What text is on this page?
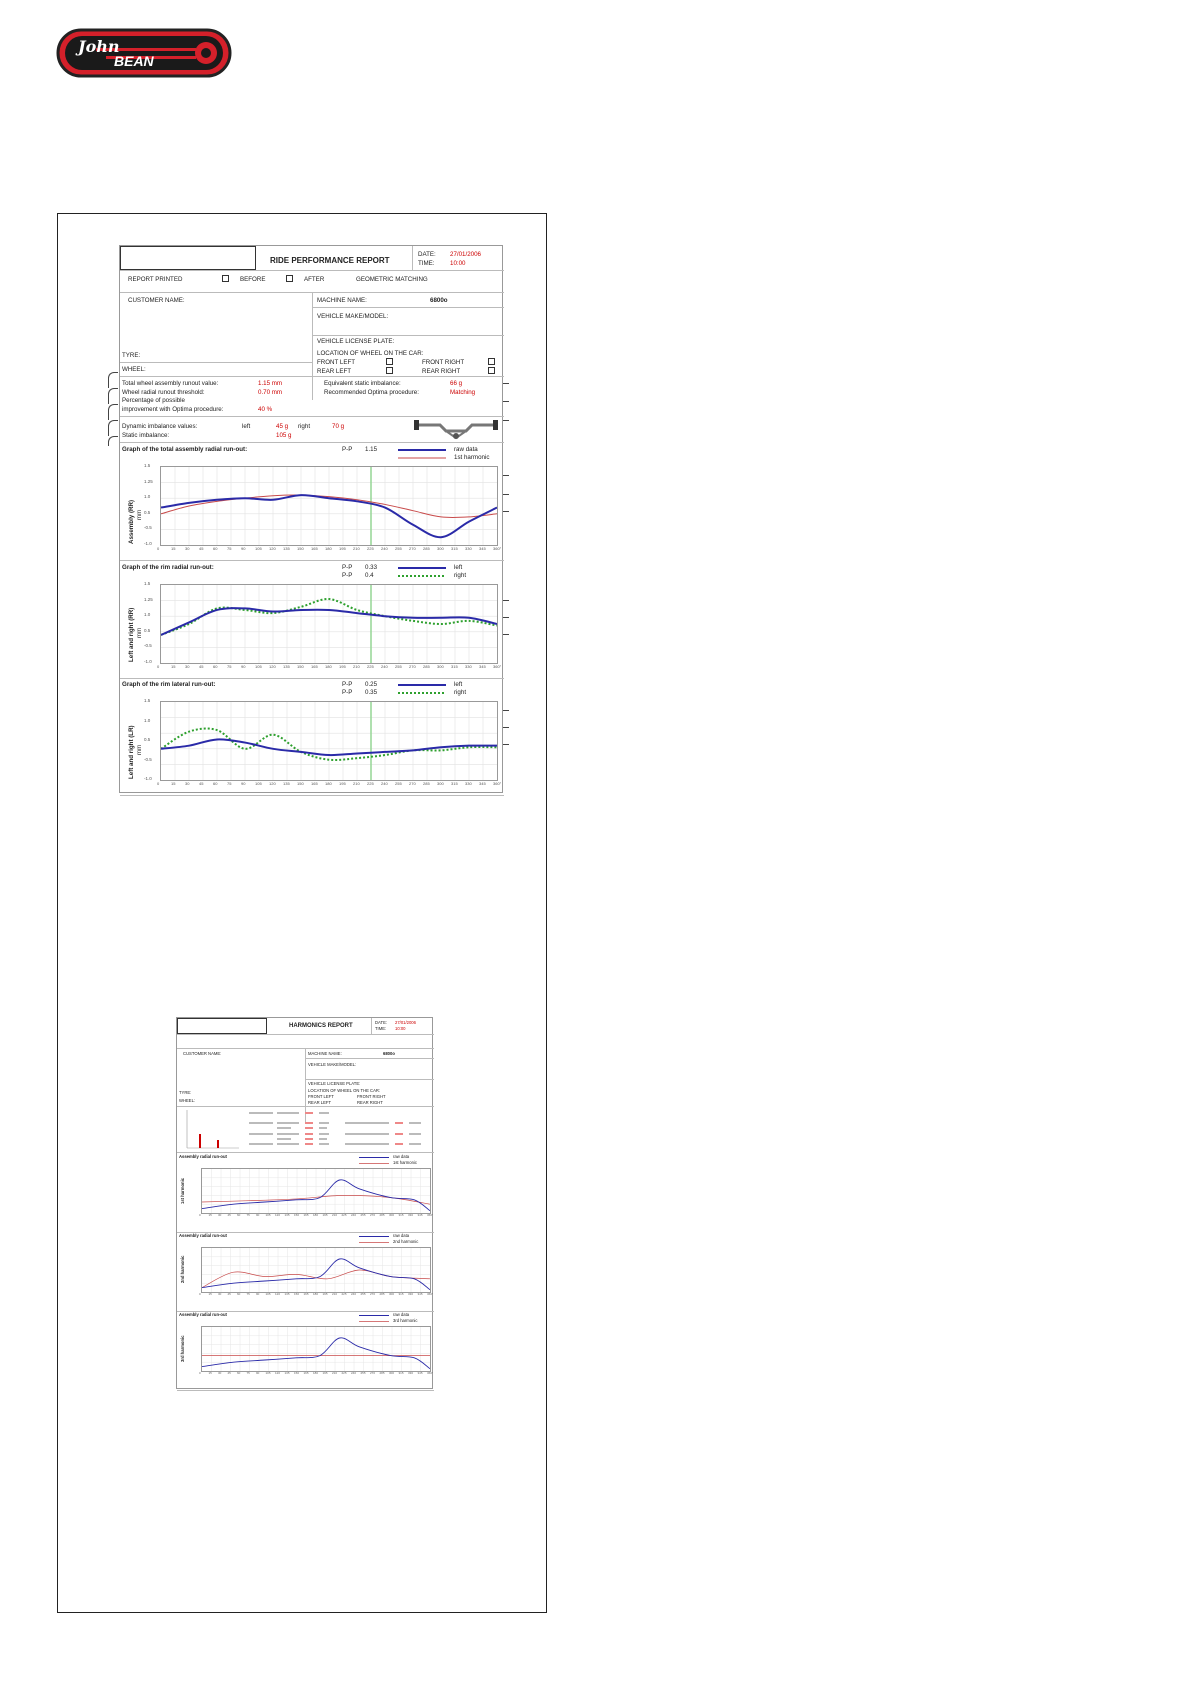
John
BEAN
RIDE PERFORMANCE REPORT
DATE: 27/01/2006
TIME:	10:00
REPORT PRINTED	BEFORE	AFTER	GEOMETRIC MATCHING
CUSTOMER NAME:	MACHINE NAME:	6800o
VEHICLE MAKE/MODEL:
VEHICLE LICENSE PLATE:
LOCATION OF WHEEL ON THE CAR:
FRONT LEFT	FRONT RIGHT
REAR LEFT	REAR RIGHT
TYRE:
WHEEL:
Total wheel assembly runout value:	1.15 mm
Wheel radial runout threshold:	0.70 mm
Percentage of possible
improvement with Optima procedure:	40 %
Equivalent static imbalance:	66 g
Recommended Optima procedure:	Matching
Dynamic imbalance values:	left	45 g right	70 g
Static imbalance:	105 g
Graph of the total assembly radial run-out:	P-P 1.15	raw data
1st harmonic
Assembly (RR) mm
1.5
1.25
1.0
0.5
-0.5
-1.0
0	15 30 45 60 75 90 105 120 135 150 165 180 195 210 225 240 255 270 285 300 315 330 345 360°
Graph of the rim radial run-out:	P-P 0.33
P-P 0.4
left
right
Left and right (RR) mm
1.5
1.25
1.0
0.5
-0.5
-1.0
0	15 30 45 60 75 90 105 120 135 150 165 180 195 210 225 240 255 270 285 300 315 330 345 360°
Graph of the rim lateral run-out:	P-P 0.25
P-P 0.35
left
right
Left and right (LR) mm
1.5
1.0
0.5
-0.5
-1.0
0	15 30 45 60 75 90 105 120 135 150 165 180 195 210 225 240 255 270 285 300 315 330 345 360°
HARMONICS REPORT
DATE: 27/01/2006
TIME: 10:00
CUSTOMER NAME:	MACHINE NAME:	6800o
VEHICLE MAKE/MODEL:
VEHICLE LICENSE PLATE:
LOCATION OF WHEEL ON THE CAR:
FRONT LEFT	FRONT RIGHT
REAR LEFT	REAR RIGHT
TYRE:
WHEEL:
Assembly radial run-out	raw data
1st harmonic
1st harmonic
0	15 30 45 60 75 90 105 120 135 150 165 180 195 210 225 240 255 270 285 300 315 330 345 360°
Assembly radial run-out	raw data
2nd harmonic
2nd harmonic
0	15 30 45 60 75 90 105 120 135 150 165 180 195 210 225 240 255 270 285 300 315 330 345 360°
Assembly radial run-out	raw data
3rd harmonic
3rd harmonic
0	15 30 45 60 75 90 105 120 135 150 165 180 195 210 225 240 255 270 285 300 315 330 345 360°
